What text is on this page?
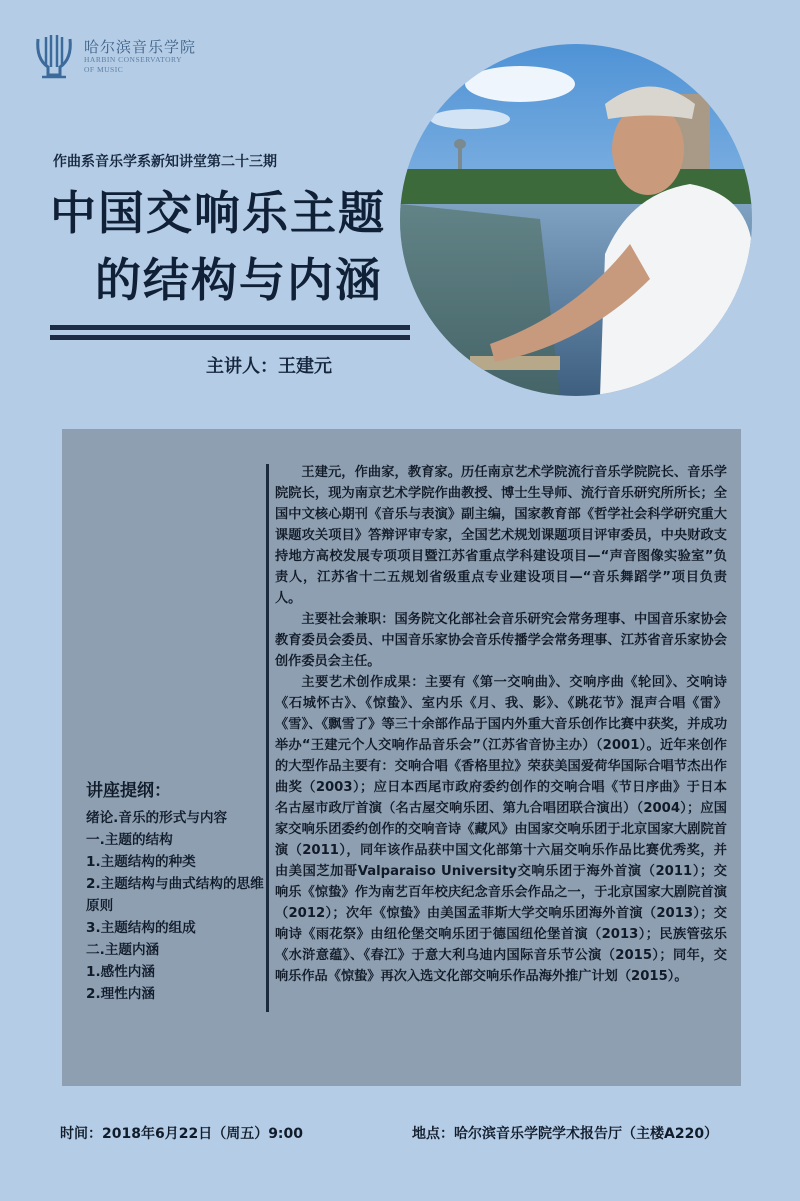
哈尔滨音乐学院
HARBIN CONSERVATORY
OF MUSIC
作曲系音乐学系新知讲堂第二十三期
中国交响乐主题
的结构与内涵
主讲人：王建元

王建元，作曲家，教育家。历任南京艺术学院流行音乐学院院长、音乐学院院长，现为南京艺术学院作曲教授、博士生导师、流行音乐研究所所长；全国中文核心期刊《音乐与表演》副主编，国家教育部《哲学社会科学研究重大课题攻关项目》答辩评审专家，全国艺术规划课题项目评审委员，中央财政支持地方高校发展专项项目暨江苏省重点学科建设项目—“声音图像实验室”负责人，江苏省十二五规划省级重点专业建设项目—“音乐舞蹈学”项目负责人。

主要社会兼职：国务院文化部社会音乐研究会常务理事、中国音乐家协会教育委员会委员、中国音乐家协会音乐传播学会常务理事、江苏省音乐家协会创作委员会主任。

主要艺术创作成果：主要有《第一交响曲》、交响序曲《轮回》、交响诗《石城怀古》、《惊蛰》、室内乐《月、我、影》、《跳花节》混声合唱《雷》《雪》、《飘雪了》等三十余部作品于国内外重大音乐创作比赛中获奖，并成功举办“王建元个人交响作品音乐会”（江苏省音协主办）（2001）。近年来创作的大型作品主要有：交响合唱《香格里拉》荣获美国爱荷华国际合唱节杰出作曲奖（2003）；应日本西尾市政府委约创作的交响合唱《节日序曲》于日本名古屋市政厅首演（名古屋交响乐团、第九合唱团联合演出）（2004）；应国家交响乐团委约创作的交响音诗《藏风》由国家交响乐团于北京国家大剧院首演（2011），同年该作品获中国文化部第十六届交响乐作品比赛优秀奖，并由美国芝加哥Valparaiso University交响乐团于海外首演（2011）；交响乐《惊蛰》作为南艺百年校庆纪念音乐会作品之一，于北京国家大剧院首演（2012）；次年《惊蛰》由美国孟菲斯大学交响乐团海外首演（2013）；交响诗《雨花祭》由纽伦堡交响乐团于德国纽伦堡首演（2013）；民族管弦乐《水浒意蕴》、《春江》于意大利乌迪内国际音乐节公演（2015）；同年，交响乐作品《惊蛰》再次入选文化部交响乐作品海外推广计划（2015）。

讲座提纲：
绪论.音乐的形式与内容
一.主题的结构
1.主题结构的种类
2.主题结构与曲式结构的思维原则
3.主题结构的组成
二.主题内涵
1.感性内涵
2.理性内涵
时间：2018年6月22日（周五）9:00	地点：哈尔滨音乐学院学术报告厅（主楼A220）
